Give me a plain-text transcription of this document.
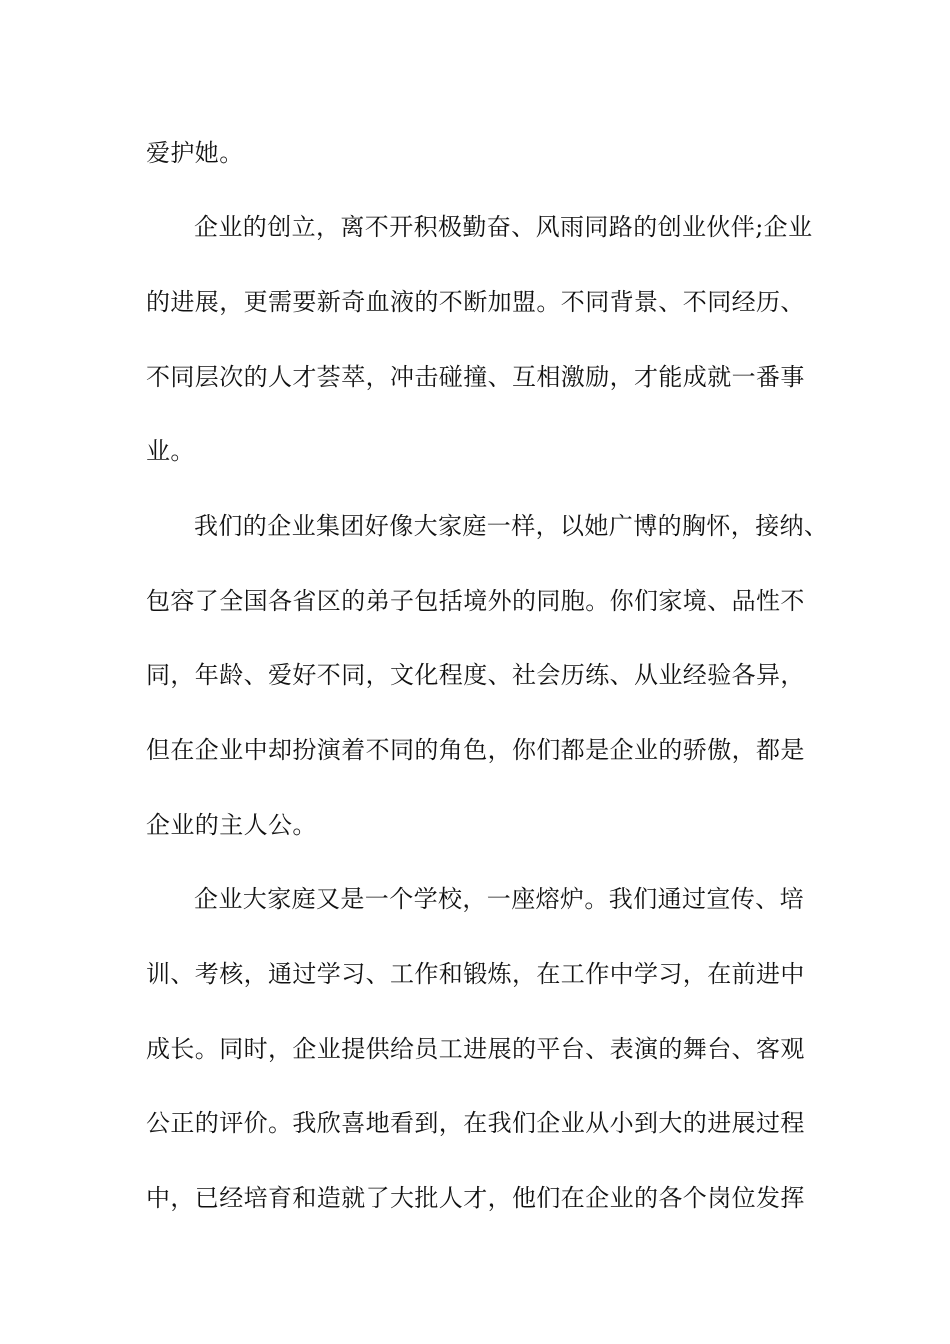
爱护她。
企业的创立，离不开积极勤奋、风雨同路的创业伙伴;企业
的进展，更需要新奇血液的不断加盟。不同背景、不同经历、
不同层次的人才荟萃，冲击碰撞、互相激励，才能成就一番事
业。
我们的企业集团好像大家庭一样，以她广博的胸怀，接纳、
包容了全国各省区的弟子包括境外的同胞。你们家境、品性不
同，年龄、爱好不同，文化程度、社会历练、从业经验各异，
但在企业中却扮演着不同的角色，你们都是企业的骄傲，都是
企业的主人公。
企业大家庭又是一个学校，一座熔炉。我们通过宣传、培
训、考核，通过学习、工作和锻炼，在工作中学习，在前进中
成长。同时，企业提供给员工进展的平台、表演的舞台、客观
公正的评价。我欣喜地看到，在我们企业从小到大的进展过程
中，已经培育和造就了大批人才，他们在企业的各个岗位发挥
